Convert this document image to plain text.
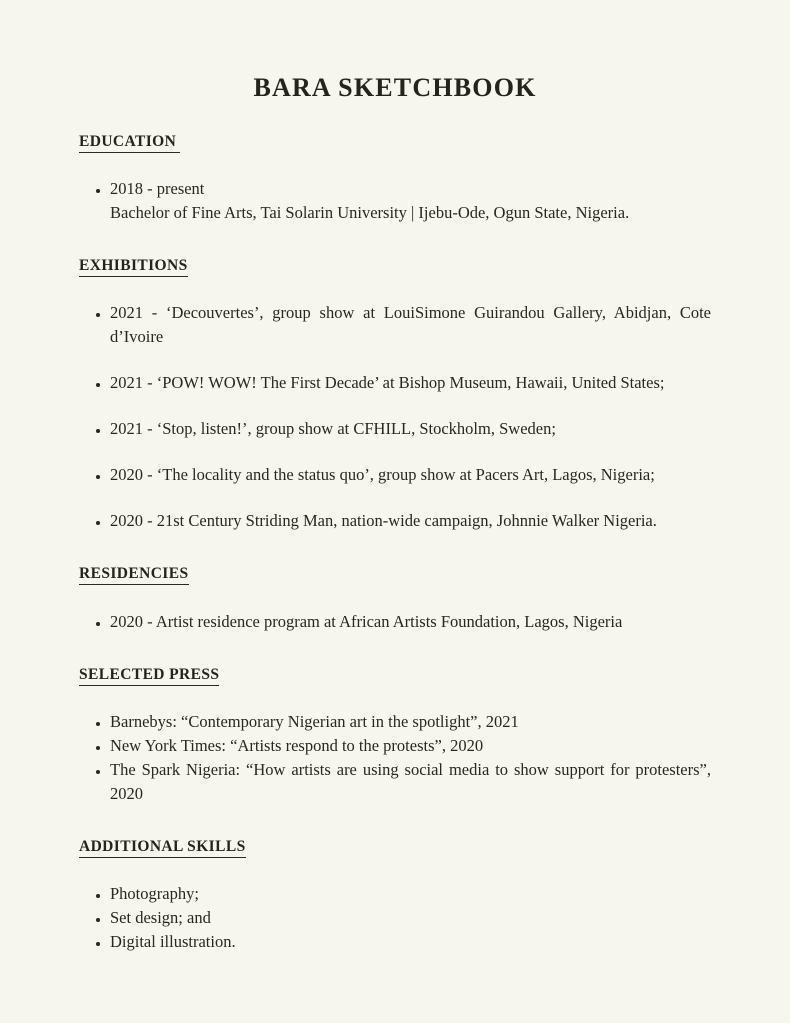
BARA SKETCHBOOK
EDUCATION
• 2018 - present
Bachelor of Fine Arts, Tai Solarin University | Ijebu-Ode, Ogun State, Nigeria.
EXHIBITIONS
• 2021 - ‘Decouvertes’, group show at LouiSimone Guirandou Gallery, Abidjan, Cote d’Ivoire
• 2021 - ‘POW! WOW! The First Decade’ at Bishop Museum, Hawaii, United States;
• 2021 - ‘Stop, listen!’, group show at CFHILL, Stockholm, Sweden;
• 2020 - ‘The locality and the status quo’, group show at Pacers Art, Lagos, Nigeria;
• 2020 - 21st Century Striding Man, nation-wide campaign, Johnnie Walker Nigeria.
RESIDENCIES
• 2020 - Artist residence program at African Artists Foundation, Lagos, Nigeria
SELECTED PRESS
• Barnebys: “Contemporary Nigerian art in the spotlight”, 2021
• New York Times: “Artists respond to the protests”, 2020
• The Spark Nigeria: “How artists are using social media to show support for protesters”, 2020
ADDITIONAL SKILLS
• Photography;
• Set design; and
• Digital illustration.
